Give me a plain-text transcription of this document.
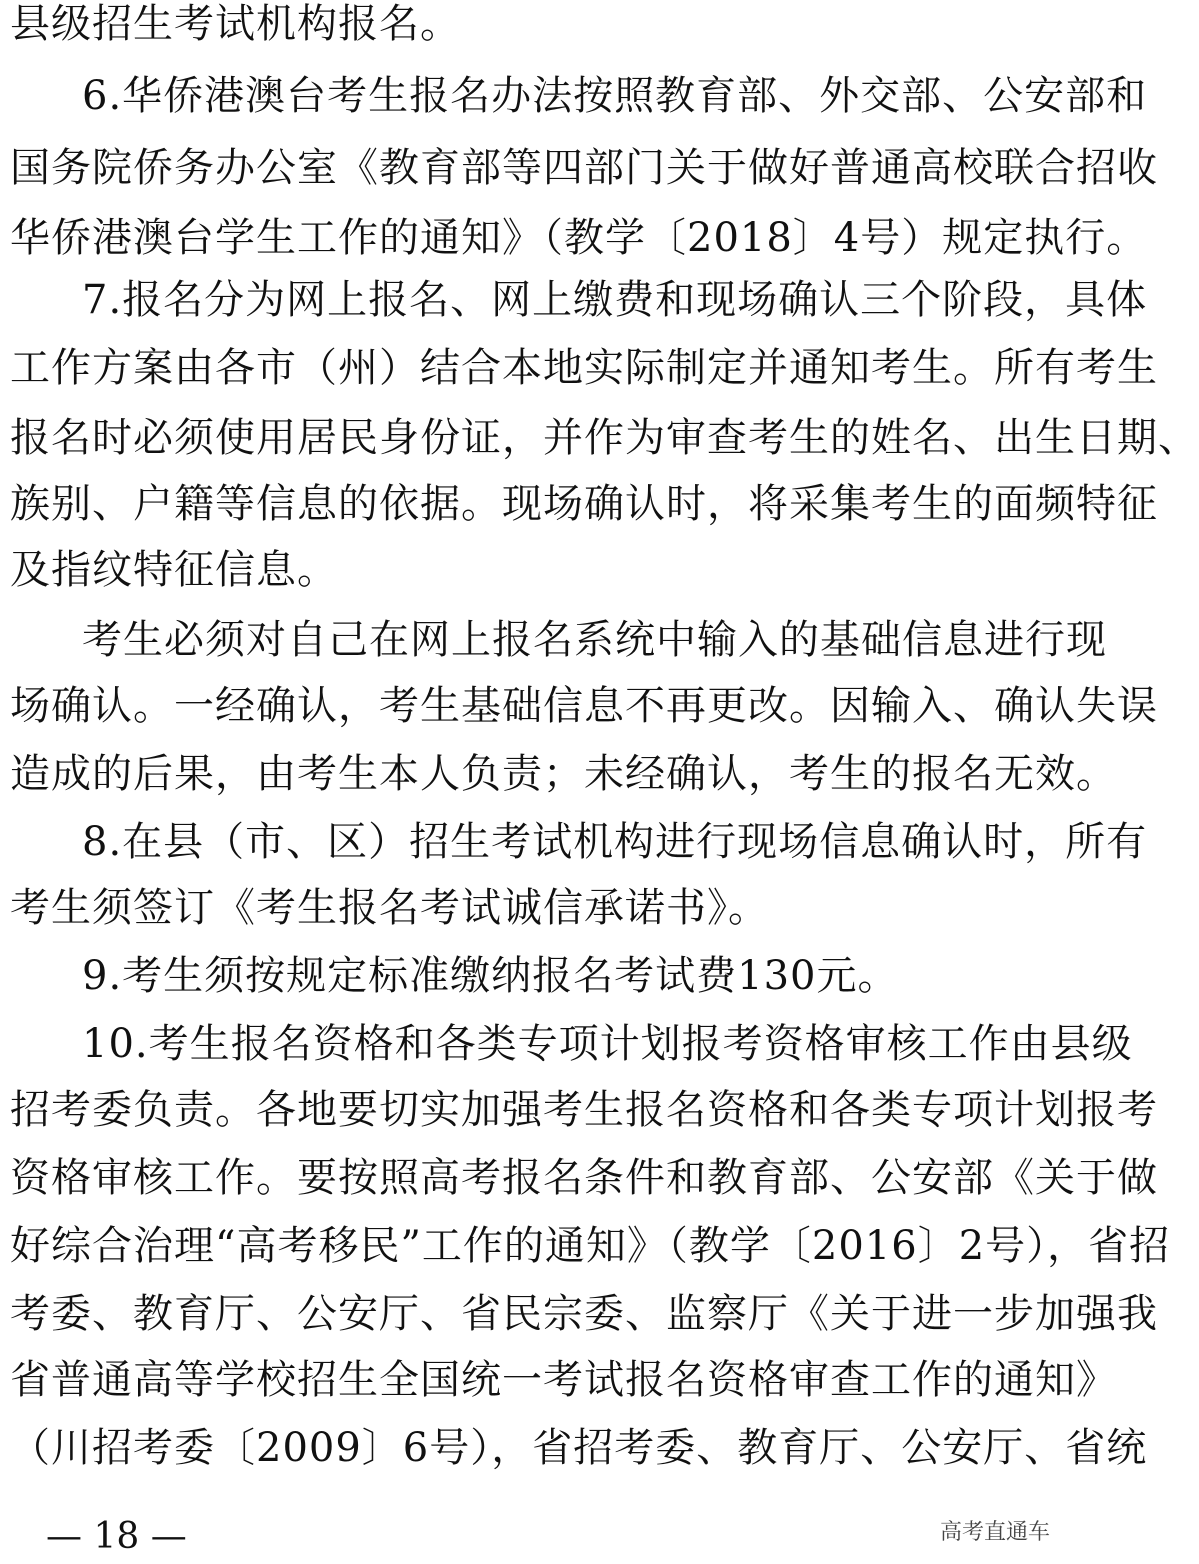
县级招生考试机构报名。
6.华侨港澳台考生报名办法按照教育部、外交部、公安部和
国务院侨务办公室《教育部等四部门关于做好普通高校联合招收
华侨港澳台学生工作的通知》（教学〔2018〕4号）规定执行。
7.报名分为网上报名、网上缴费和现场确认三个阶段，具体
工作方案由各市（州）结合本地实际制定并通知考生。所有考生
报名时必须使用居民身份证，并作为审查考生的姓名、出生日期、
族别、户籍等信息的依据。现场确认时，将采集考生的面频特征
及指纹特征信息。
考生必须对自己在网上报名系统中输入的基础信息进行现
场确认。一经确认，考生基础信息不再更改。因输入、确认失误
造成的后果，由考生本人负责；未经确认，考生的报名无效。
8.在县（市、区）招生考试机构进行现场信息确认时，所有
考生须签订《考生报名考试诚信承诺书》。
9.考生须按规定标准缴纳报名考试费130元。
10.考生报名资格和各类专项计划报考资格审核工作由县级
招考委负责。各地要切实加强考生报名资格和各类专项计划报考
资格审核工作。要按照高考报名条件和教育部、公安部《关于做
好综合治理“高考移民”工作的通知》（教学〔2016〕2号），省招
考委、教育厅、公安厅、省民宗委、监察厅《关于进一步加强我
省普通高等学校招生全国统一考试报名资格审查工作的通知》
（川招考委〔2009〕6号），省招考委、教育厅、公安厅、省统
— 18 —	高考直通车
